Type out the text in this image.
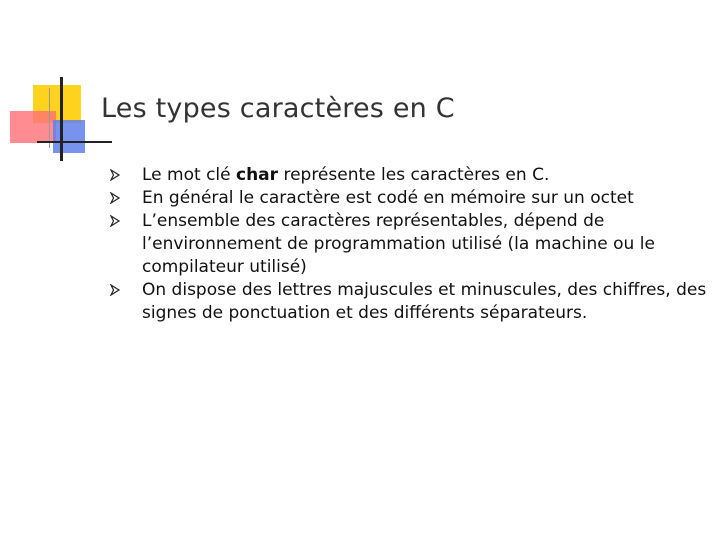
Les types caractères en C
Le mot clé char représente les caractères en C.
En général le caractère est codé en mémoire sur un octet
L’ensemble des caractères représentables, dépend de l’environnement de programmation utilisé (la machine ou le compilateur utilisé)
On dispose des lettres majuscules et minuscules, des chiffres, des signes de ponctuation et des différents séparateurs.
